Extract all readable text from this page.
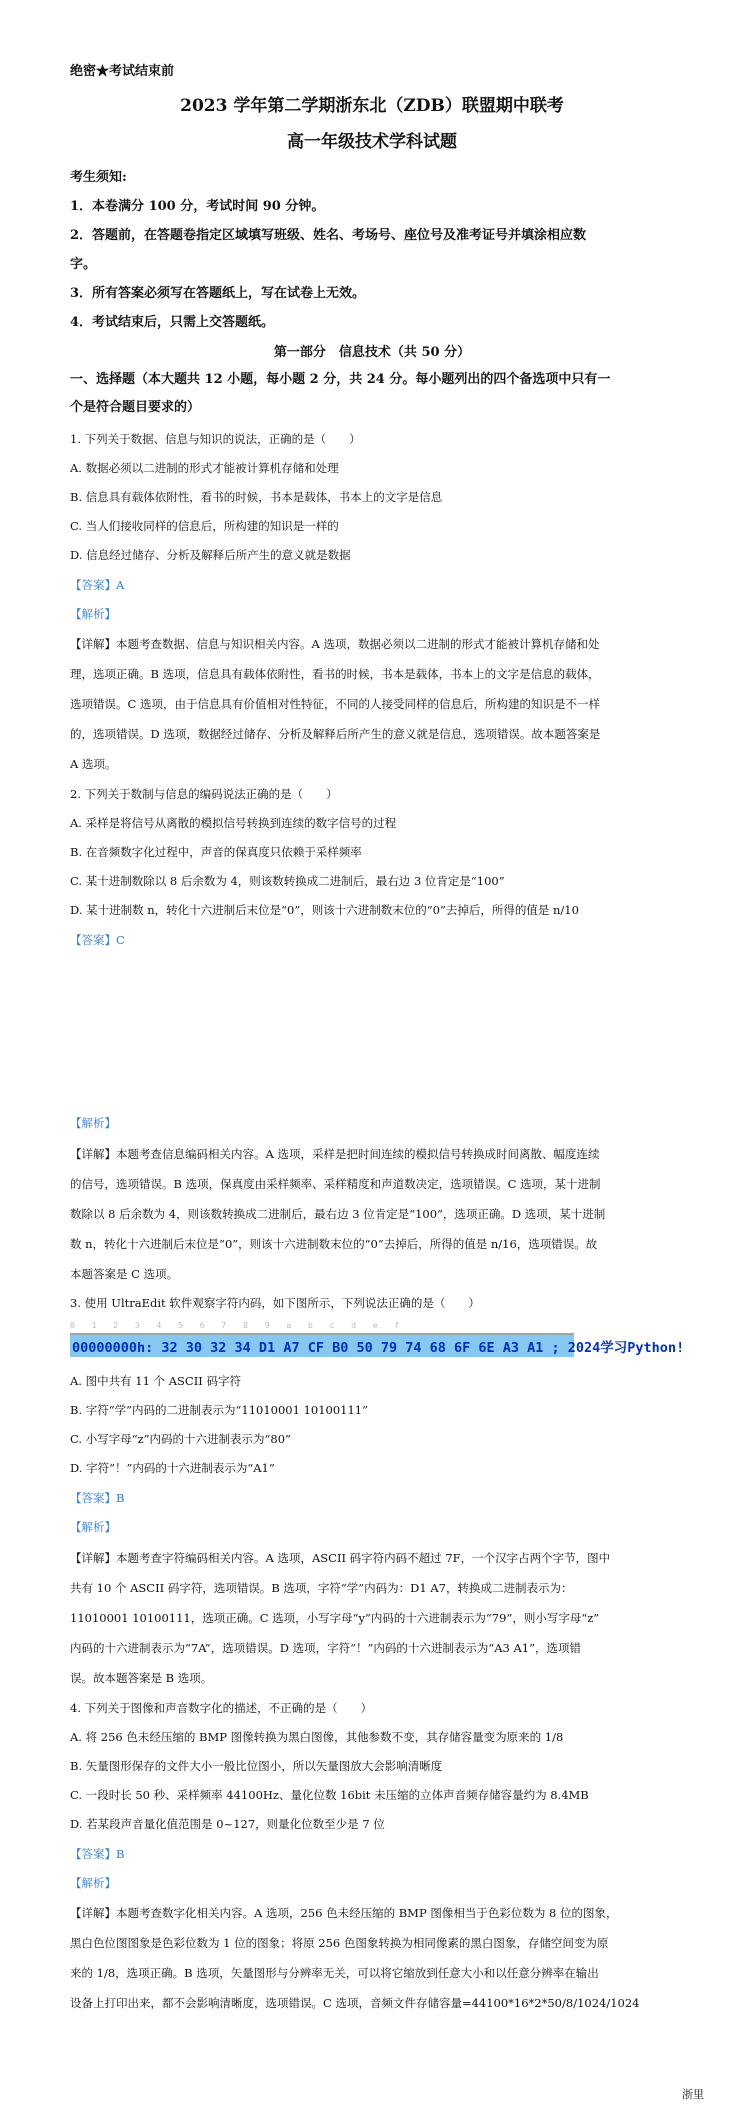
绝密★考试结束前
2023 学年第二学期浙东北（ZDB）联盟期中联考
高一年级技术学科试题
考生须知:
1．本卷满分 100 分，考试时间 90 分钟。
2．答题前，在答题卷指定区域填写班级、姓名、考场号、座位号及准考证号并填涂相应数
字。
3．所有答案必须写在答题纸上，写在试卷上无效。
4．考试结束后，只需上交答题纸。
第一部分　信息技术（共 50 分）
一、选择题（本大题共 12 小题，每小题 2 分，共 24 分。每小题列出的四个备选项中只有一
个是符合题目要求的）
1. 下列关于数据、信息与知识的说法，正确的是（　　）
A. 数据必须以二进制的形式才能被计算机存储和处理
B. 信息具有载体依附性，看书的时候，书本是载体，书本上的文字是信息
C. 当人们接收同样的信息后，所构建的知识是一样的
D. 信息经过储存、分析及解释后所产生的意义就是数据
【答案】A
【解析】
【详解】本题考查数据、信息与知识相关内容。A 选项，数据必须以二进制的形式才能被计算机存储和处
理，选项正确。B 选项，信息具有载体依附性，看书的时候，书本是载体，书本上的文字是信息的载体，
选项错误。C 选项，由于信息具有价值相对性特征，不同的人接受同样的信息后，所构建的知识是不一样
的，选项错误。D 选项，数据经过储存、分析及解释后所产生的意义就是信息，选项错误。故本题答案是
A 选项。
2. 下列关于数制与信息的编码说法正确的是（　　）
A. 采样是将信号从离散的模拟信号转换到连续的数字信号的过程
B. 在音频数字化过程中，声音的保真度只依赖于采样频率
C. 某十进制数除以 8 后余数为 4，则该数转换成二进制后，最右边 3 位肯定是“100”
D. 某十进制数 n，转化十六进制后末位是“0”，则该十六进制数末位的“0”去掉后，所得的值是 n/10
【答案】C
【解析】
【详解】本题考查信息编码相关内容。A 选项，采样是把时间连续的模拟信号转换成时间离散、幅度连续
的信号，选项错误。B 选项，保真度由采样频率、采样精度和声道数决定，选项错误。C 选项，某十进制
数除以 8 后余数为 4，则该数转换成二进制后，最右边 3 位肯定是“100”，选项正确。D 选项，某十进制
数 n，转化十六进制后末位是“0”，则该十六进制数末位的“0”去掉后，所得的值是 n/16，选项错误。故
本题答案是 C 选项。
3. 使用 UltraEdit 软件观察字符内码，如下图所示，下列说法正确的是（　　）
0 1 2 3 4 5 6 7 8 9 a b c d e f
00000000h: 32 30 32 34 D1 A7 CF B0 50 79 74 68 6F 6E A3 A1 ; 2024学习Python!
A. 图中共有 11 个 ASCII 码字符
B. 字符“学”内码的二进制表示为“11010001 10100111”
C. 小写字母“z”内码的十六进制表示为“80”
D. 字符“！”内码的十六进制表示为“A1”
【答案】B
【解析】
【详解】本题考查字符编码相关内容。A 选项，ASCII 码字符内码不超过 7F，一个汉字占两个字节，图中
共有 10 个 ASCII 码字符，选项错误。B 选项，字符“学”内码为：D1 A7，转换成二进制表示为：
11010001 10100111，选项正确。C 选项，小写字母“y”内码的十六进制表示为“79”，则小写字母“z”
内码的十六进制表示为“7A”，选项错误。D 选项，字符“！”内码的十六进制表示为“A3 A1”，选项错
误。故本题答案是 B 选项。
4. 下列关于图像和声音数字化的描述，不正确的是（　　）
A. 将 256 色未经压缩的 BMP 图像转换为黑白图像，其他参数不变，其存储容量变为原来的 1/8
B. 矢量图形保存的文件大小一般比位图小，所以矢量图放大会影响清晰度
C. 一段时长 50 秒、采样频率 44100Hz、量化位数 16bit 未压缩的立体声音频存储容量约为 8.4MB
D. 若某段声音量化值范围是 0~127，则量化位数至少是 7 位
【答案】B
【解析】
【详解】本题考查数字化相关内容。A 选项，256 色未经压缩的 BMP 图像相当于色彩位数为 8 位的图象，
黑白色位图图象是色彩位数为 1 位的图象；将原 256 色图象转换为相同像素的黑白图象，存储空间变为原
来的 1/8，选项正确。B 选项，矢量图形与分辨率无关，可以将它缩放到任意大小和以任意分辨率在输出
设备上打印出来，都不会影响清晰度，选项错误。C 选项，音频文件存储容量=44100*16*2*50/8/1024/1024
浙里
